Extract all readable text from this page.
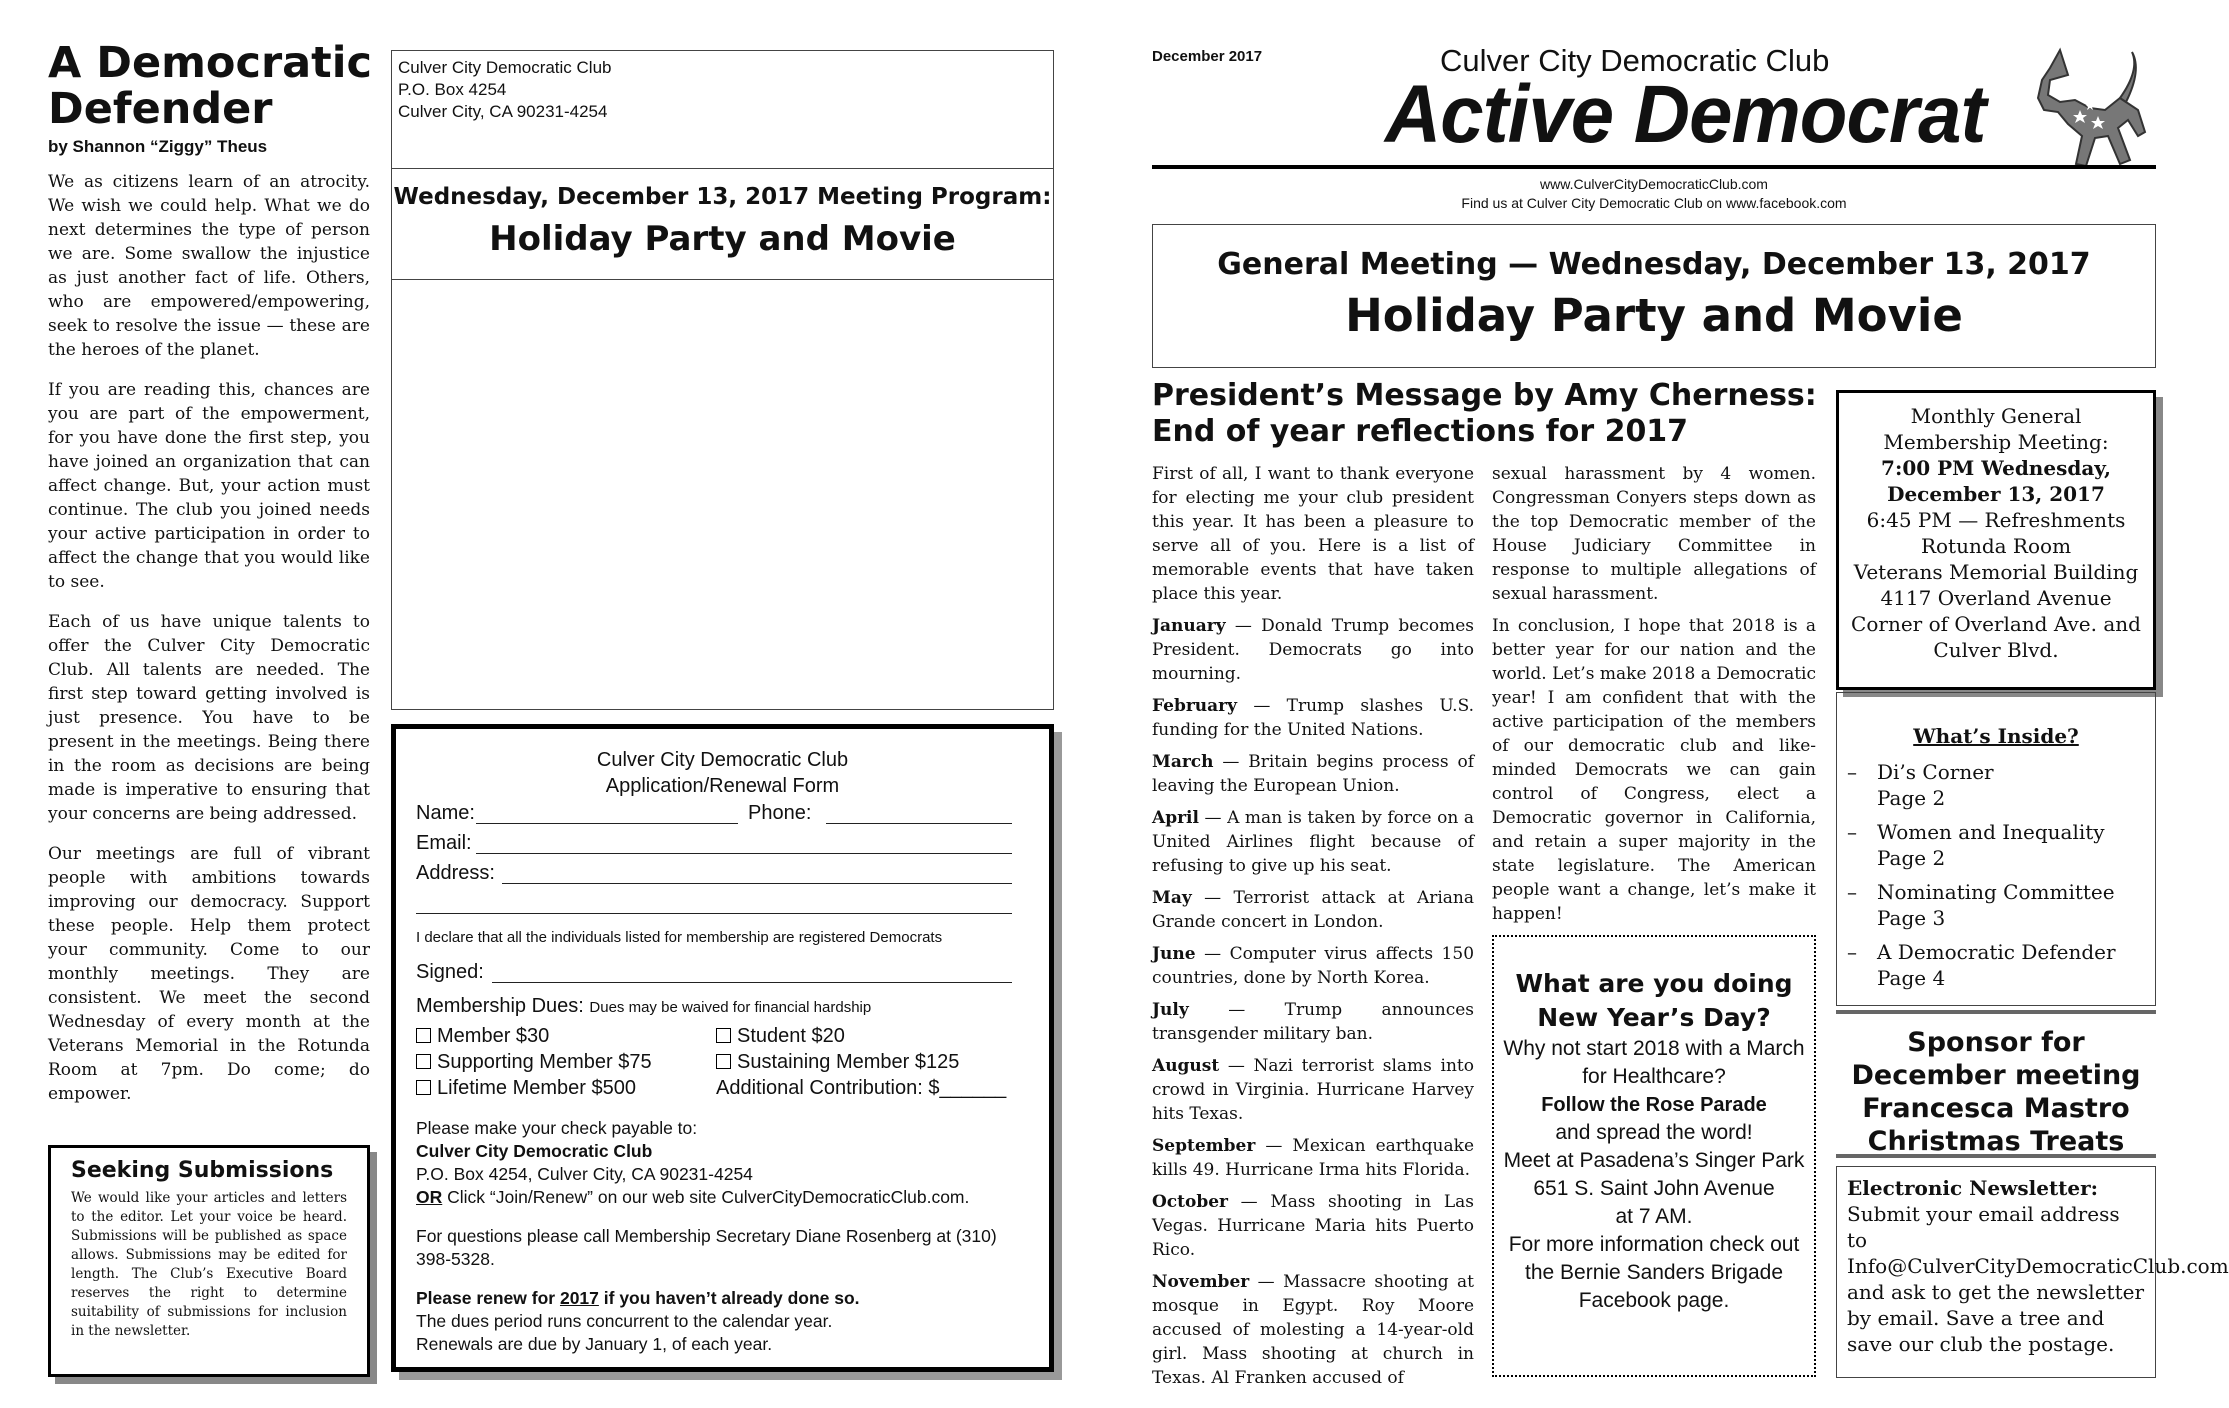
A Democratic Defender
by Shannon “Ziggy” Theus

We as citizens learn of an atrocity. We wish we could help. What we do next determines the type of person we are. Some swallow the injustice as just another fact of life. Others, who are empowered/empowering, seek to resolve the issue — these are the heroes of the planet.

If you are reading this, chances are you are part of the empowerment, for you have done the first step, you have joined an organization that can affect change. But, your action must continue. The club you joined needs your active participation in order to affect the change that you would like to see.

Each of us have unique talents to offer the Culver City Democratic Club. All talents are needed. The first step toward getting involved is just presence. You have to be present in the meetings. Being there in the room as decisions are being made is imperative to ensuring that your concerns are being addressed.

Our meetings are full of vibrant people with ambitions towards improving our democracy. Support these people. Help them protect your community. Come to our monthly meetings. They are consistent. We meet the second Wednesday of every month at the Veterans Memorial in the Rotunda Room at 7pm. Do come; do empower.

Seeking Submissions
We would like your articles and letters to the editor. Let your voice be heard. Submissions will be published as space allows. Submissions may be edited for length. The Club’s Executive Board reserves the right to determine suitability of submissions for inclusion in the newsletter.
Culver City Democratic Club
P.O. Box 4254
Culver City, CA 90231-4254
Wednesday, December 13, 2017 Meeting Program:
Holiday Party and Movie
Culver City Democratic Club
Application/Renewal Form
Name:	Phone:
Email:
Address:
I declare that all the individuals listed for membership are registered Democrats
Signed:
Membership Dues: Dues may be waived for financial hardship
Member $30	Student $20
Supporting Member $75	Sustaining Member $125
Lifetime Member $500	Additional Contribution: $______
Please make your check payable to:
Culver City Democratic Club
P.O. Box 4254, Culver City, CA 90231-4254
OR Click “Join/Renew” on our web site CulverCityDemocraticClub.com.
For questions please call Membership Secretary Diane Rosenberg at (310) 398-5328.
Please renew for 2017 if you haven’t already done so.
The dues period runs concurrent to the calendar year.
Renewals are due by January 1, of each year.
December 2017	Culver City Democratic Club
Active Democrat
www.CulverCityDemocraticClub.com
Find us at Culver City Democratic Club on www.facebook.com
General Meeting — Wednesday, December 13, 2017
Holiday Party and Movie
President’s Message by Amy Cherness: End of year reflections for 2017

First of all, I want to thank everyone for electing me your club president this year. It has been a pleasure to serve all of you. Here is a list of memorable events that have taken place this year.

January — Donald Trump becomes President. Democrats go into mourning.

February — Trump slashes U.S. funding for the United Nations.

March — Britain begins process of leaving the European Union.

April — A man is taken by force on a United Airlines flight because of refusing to give up his seat.

May — Terrorist attack at Ariana Grande concert in London.

June — Computer virus affects 150 countries, done by North Korea.

July — Trump announces transgender military ban.

August — Nazi terrorist slams into crowd in Virginia. Hurricane Harvey hits Texas.

September — Mexican earthquake kills 49. Hurricane Irma hits Florida.

October — Mass shooting in Las Vegas. Hurricane Maria hits Puerto Rico.

November — Massacre shooting at mosque in Egypt. Roy Moore accused of molesting a 14-year-old girl. Mass shooting at church in Texas. Al Franken accused of

sexual harassment by 4 women. Congressman Conyers steps down as the top Democratic member of the House Judiciary Committee in response to multiple allegations of sexual harassment.

In conclusion, I hope that 2018 is a better year for our nation and the world. Let’s make 2018 a Democratic year! I am confident that with the active participation of the members of our democratic club and like-minded Democrats we can gain control of Congress, elect a Democratic governor in California, and retain a super majority in the state legislature. The American people want a change, let’s make it happen!

What are you doing New Year’s Day?
Why not start 2018 with a March for Healthcare?
Follow the Rose Parade
and spread the word!
Meet at Pasadena’s Singer Park
651 S. Saint John Avenue
at 7 AM.
For more information check out the Bernie Sanders Brigade Facebook page.
Monthly General Membership Meeting:
7:00 PM Wednesday, December 13, 2017
6:45 PM — Refreshments
Rotunda Room
Veterans Memorial Building
4117 Overland Avenue
Corner of Overland Ave. and Culver Blvd.
What’s Inside?
–	Di’s Corner
Page 2
–	Women and Inequality
Page 2
–	Nominating Committee
Page 3
–	A Democratic Defender
Page 4
Sponsor for December meeting
Francesca Mastro
Christmas Treats
Electronic Newsletter:
Submit your email address to Info@CulverCityDemocraticClub.com and ask to get the newsletter by email. Save a tree and save our club the postage.
